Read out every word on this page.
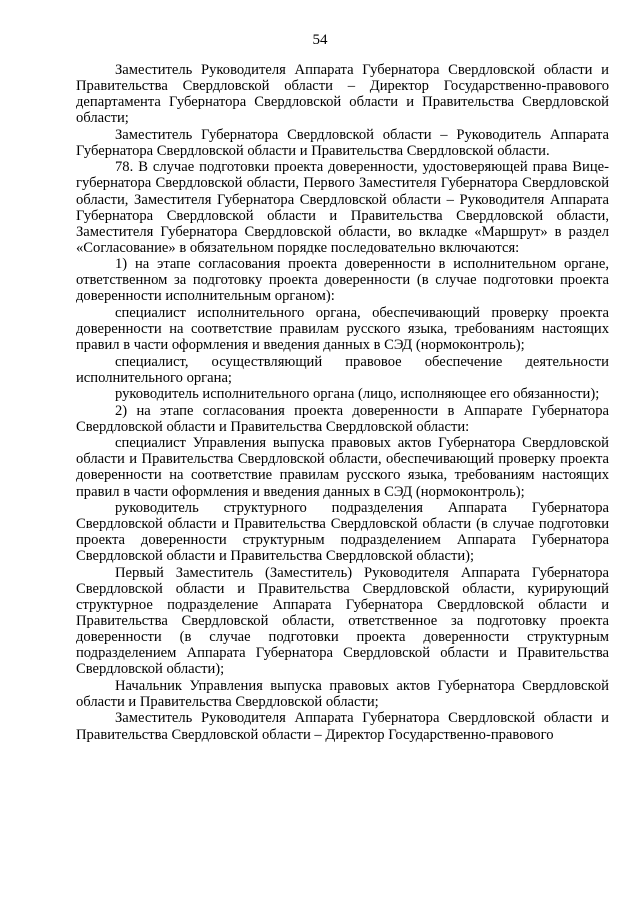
54

Заместитель Руководителя Аппарата Губернатора Свердловской области и Правительства Свердловской области – Директор Государственно-правового департамента Губернатора Свердловской области и Правительства Свердловской области;

Заместитель Губернатора Свердловской области – Руководитель Аппарата Губернатора Свердловской области и Правительства Свердловской области.

78. В случае подготовки проекта доверенности, удостоверяющей права Вице-губернатора Свердловской области, Первого Заместителя Губернатора Свердловской области, Заместителя Губернатора Свердловской области – Руководителя Аппарата Губернатора Свердловской области и Правительства Свердловской области, Заместителя Губернатора Свердловской области, во вкладке «Маршрут» в раздел «Согласование» в обязательном порядке последовательно включаются:

1) на этапе согласования проекта доверенности в исполнительном органе, ответственном за подготовку проекта доверенности (в случае подготовки проекта доверенности исполнительным органом):

специалист исполнительного органа, обеспечивающий проверку проекта доверенности на соответствие правилам русского языка, требованиям настоящих правил в части оформления и введения данных в СЭД (нормоконтроль);

специалист, осуществляющий правовое обеспечение деятельности исполнительного органа;

руководитель исполнительного органа (лицо, исполняющее его обязанности);

2) на этапе согласования проекта доверенности в Аппарате Губернатора Свердловской области и Правительства Свердловской области:

специалист Управления выпуска правовых актов Губернатора Свердловской области и Правительства Свердловской области, обеспечивающий проверку проекта доверенности на соответствие правилам русского языка, требованиям настоящих правил в части оформления и введения данных в СЭД (нормоконтроль);

руководитель структурного подразделения Аппарата Губернатора Свердловской области и Правительства Свердловской области (в случае подготовки проекта доверенности структурным подразделением Аппарата Губернатора Свердловской области и Правительства Свердловской области);

Первый Заместитель (Заместитель) Руководителя Аппарата Губернатора Свердловской области и Правительства Свердловской области, курирующий структурное подразделение Аппарата Губернатора Свердловской области и Правительства Свердловской области, ответственное за подготовку проекта доверенности (в случае подготовки проекта доверенности структурным подразделением Аппарата Губернатора Свердловской области и Правительства Свердловской области);

Начальник Управления выпуска правовых актов Губернатора Свердловской области и Правительства Свердловской области;

Заместитель Руководителя Аппарата Губернатора Свердловской области и Правительства Свердловской области – Директор Государственно-правового
